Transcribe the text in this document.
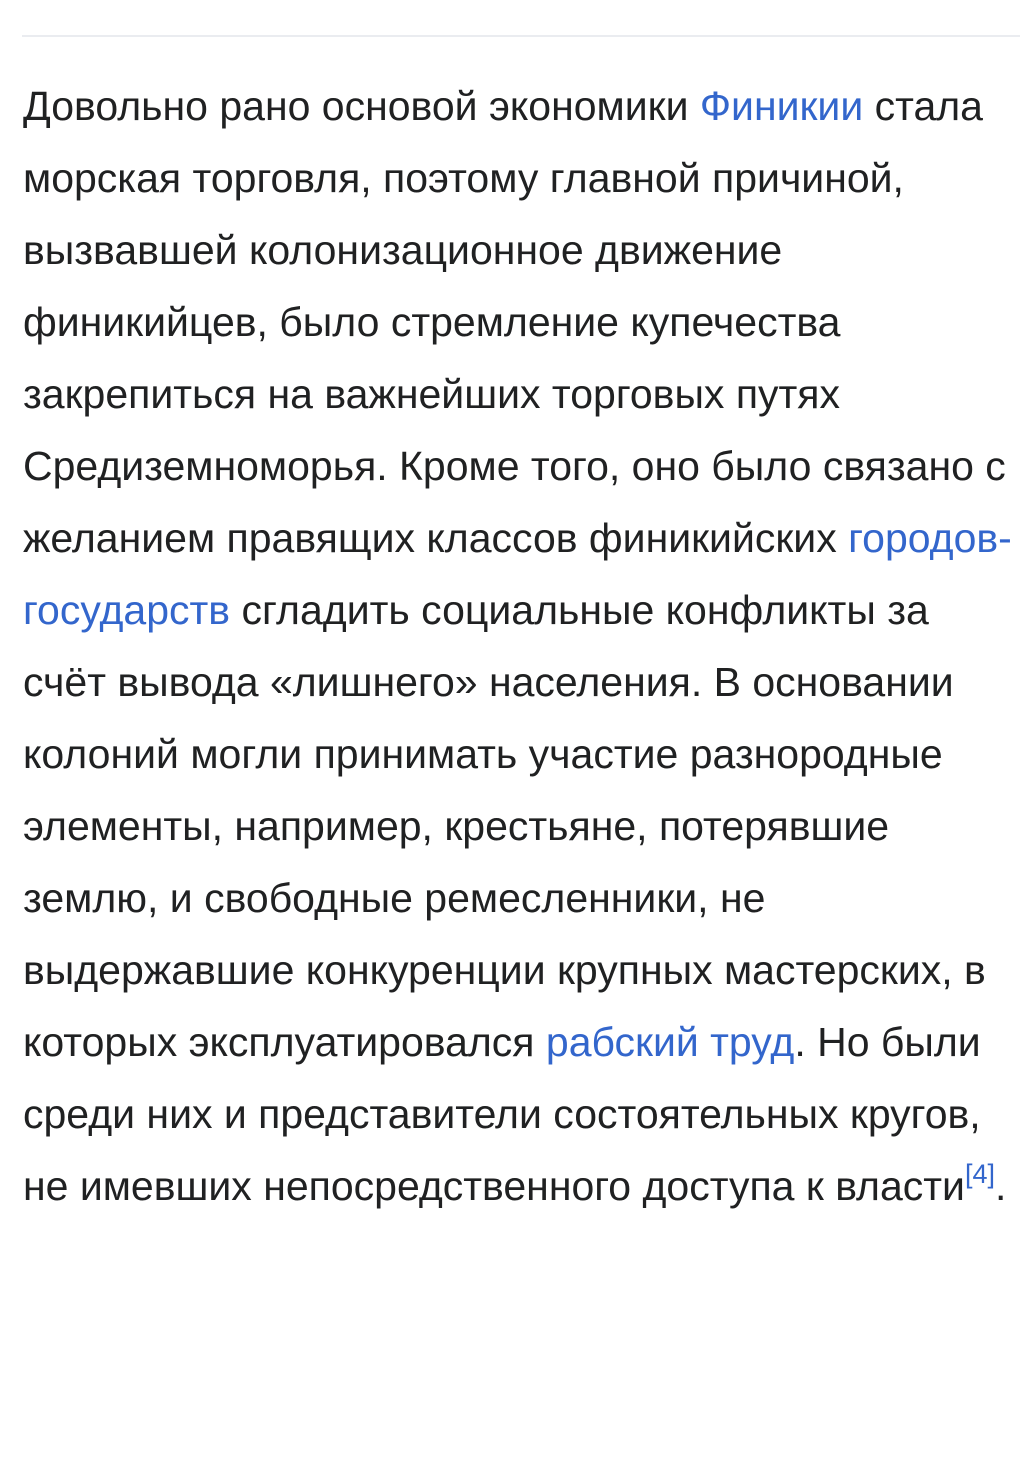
Довольно рано основой экономики Финикии стала морская торговля, поэтому главной причиной, вызвавшей колонизационное движение финикийцев, было стремление купечества закрепиться на важнейших торговых путях Средиземноморья. Кроме того, оно было связано с желанием правящих классов финикийских городов-государств сгладить социальные конфликты за счёт вывода «лишнего» населения. В основании колоний могли принимать участие разнородные элементы, например, крестьяне, потерявшие землю, и свободные ремесленники, не выдержавшие конкуренции крупных мастерских, в которых эксплуатировался рабский труд. Но были среди них и представители состоятельных кругов, не имевших непосредственного доступа к власти[4].
